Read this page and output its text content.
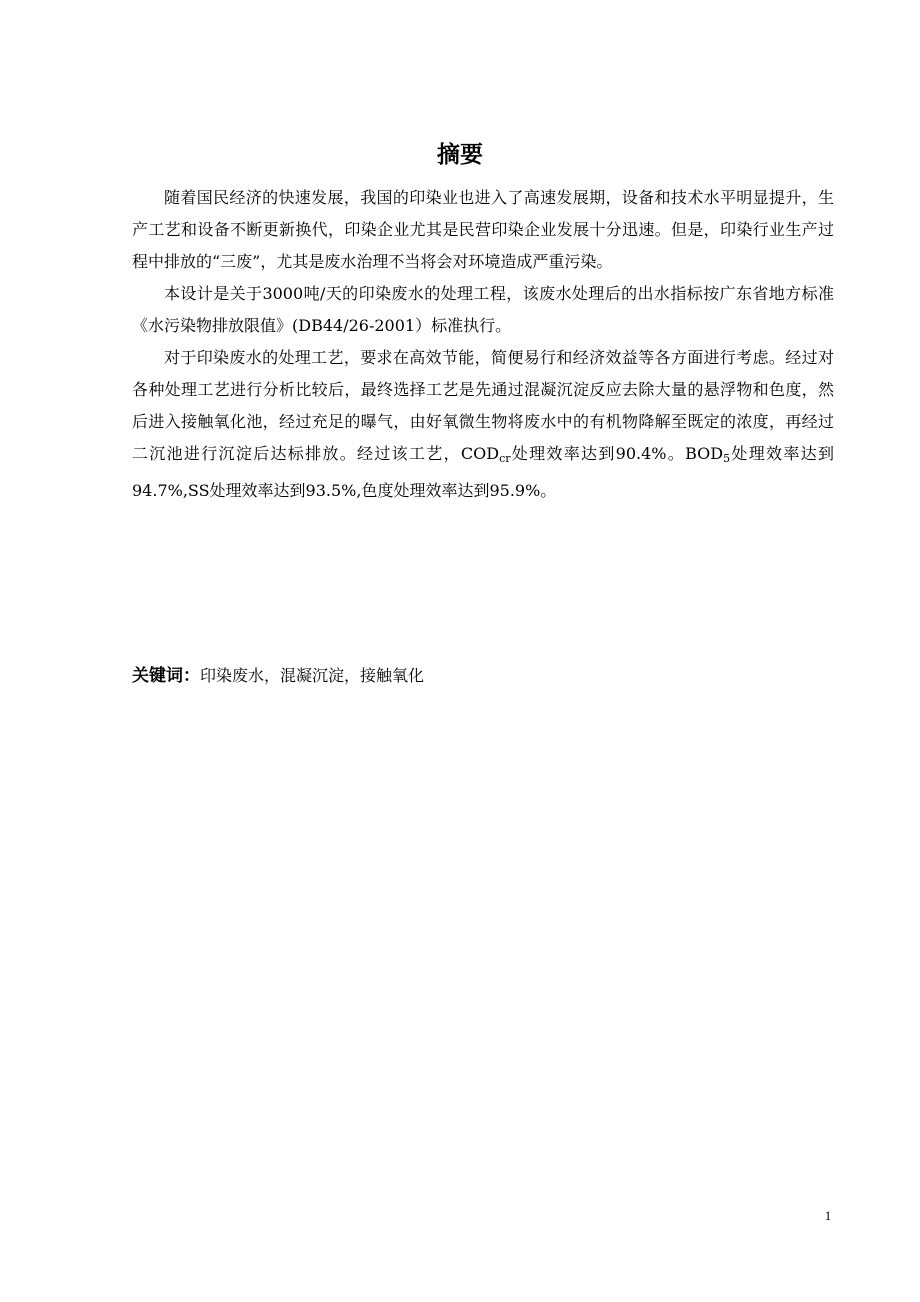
摘要

随着国民经济的快速发展，我国的印染业也进入了高速发展期，设备和技术水平明显提升，生产工艺和设备不断更新换代，印染企业尤其是民营印染企业发展十分迅速。但是，印染行业生产过程中排放的“三废”，尤其是废水治理不当将会对环境造成严重污染。

本设计是关于3000吨/天的印染废水的处理工程，该废水处理后的出水指标按广东省地方标准《水污染物排放限值》(DB44/26-2001）标准执行。

对于印染废水的处理工艺，要求在高效节能，简便易行和经济效益等各方面进行考虑。经过对各种处理工艺进行分析比较后，最终选择工艺是先通过混凝沉淀反应去除大量的悬浮物和色度，然后进入接触氧化池，经过充足的曝气，由好氧微生物将废水中的有机物降解至既定的浓度，再经过二沉池进行沉淀后达标排放。经过该工艺，$COD_{cr}$处理效率达到90.4%。$BOD_5$处理效率达到94.7%,SS处理效率达到93.5%,色度处理效率达到95.9%。

关键词：印染废水，混凝沉淀，接触氧化
1
